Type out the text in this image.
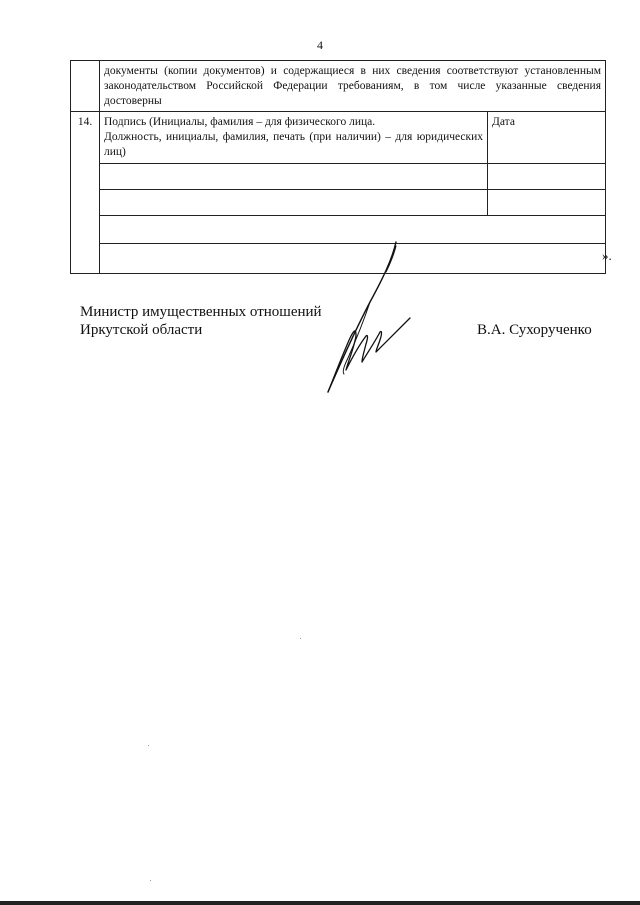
4
	документы (копии документов) и содержащиеся в них сведения соответствуют установленным законодательством Российской Федерации требованиям, в том числе указанные сведения достоверны	
14.	Подпись (Инициалы, фамилия – для физического лица.
Должность, инициалы, фамилия, печать (при наличии) – для юридических лиц)	Дата

».
Министр имущественных отношений
Иркутской области	В.А. Сухорученко
